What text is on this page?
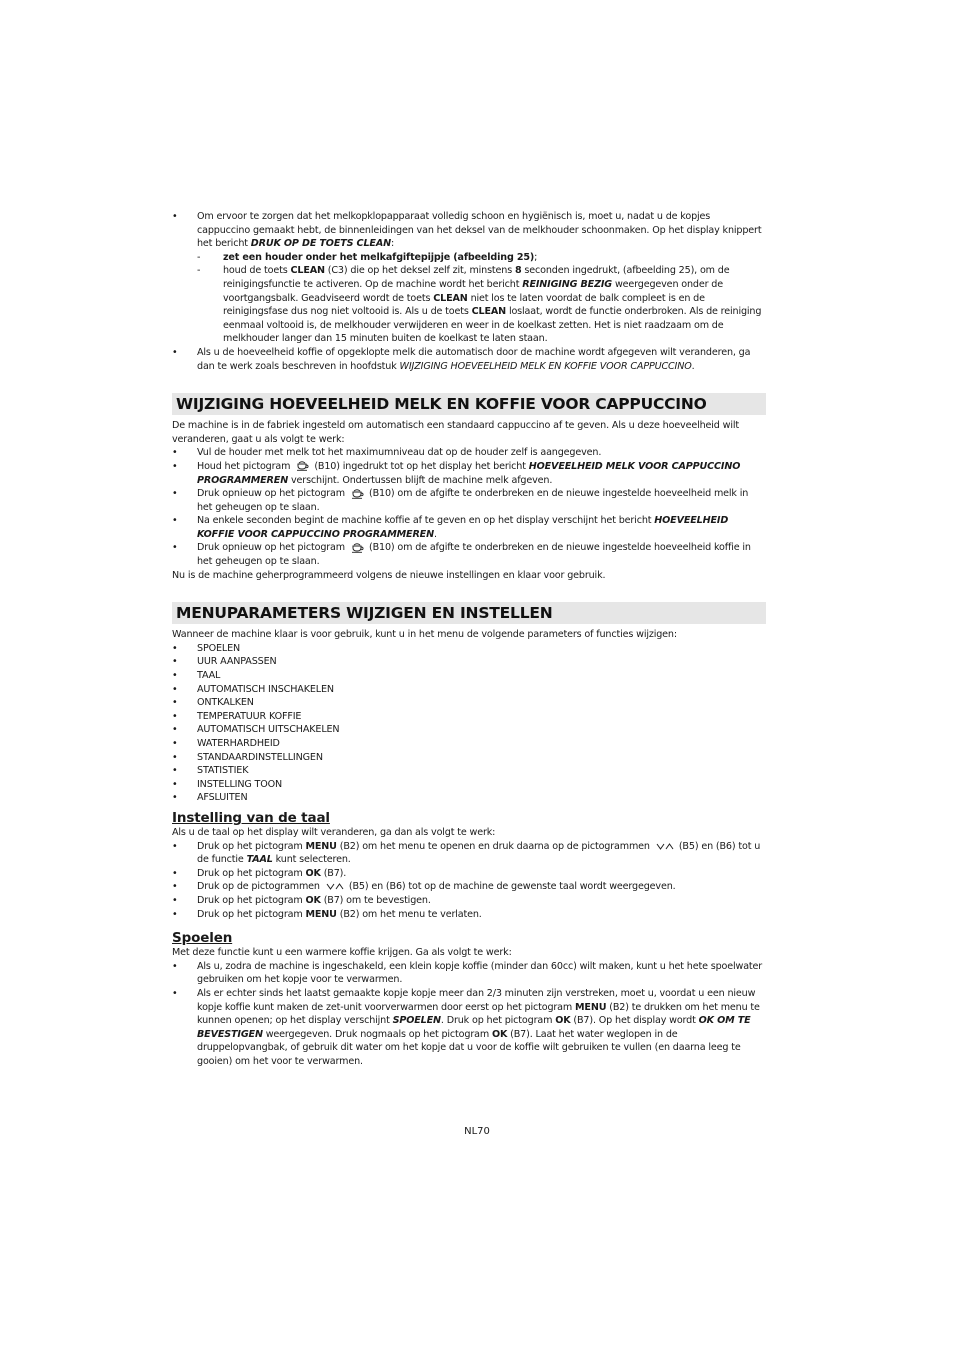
• Om ervoor te zorgen dat het melkopklopapparaat volledig schoon en hygiënisch is, moet u, nadat u de kopjes cappuccino gemaakt hebt, de binnenleidingen van het deksel van de melkhouder schoonmaken. Op het display knippert het bericht DRUK OP DE TOETS CLEAN:
- zet een houder onder het melkafgiftepijpje (afbeelding 25);
- houd de toets CLEAN (C3) die op het deksel zelf zit, minstens 8 seconden ingedrukt, (afbeelding 25), om de reinigingsfunctie te activeren. Op de machine wordt het bericht REINIGING BEZIG weergegeven onder de voortgangsbalk. Geadviseerd wordt de toets CLEAN niet los te laten voordat de balk compleet is en de reinigingsfase dus nog niet voltooid is. Als u de toets CLEAN loslaat, wordt de functie onderbroken. Als de reiniging eenmaal voltooid is, de melkhouder verwijderen en weer in de koelkast zetten. Het is niet raadzaam om de melkhouder langer dan 15 minuten buiten de koelkast te laten staan.
• Als u de hoeveelheid koffie of opgeklopte melk die automatisch door de machine wordt afgegeven wilt veranderen, ga dan te werk zoals beschreven in hoofdstuk WIJZIGING HOEVEELHEID MELK EN KOFFIE VOOR CAPPUCCINO.
WIJZIGING HOEVEELHEID MELK EN KOFFIE VOOR CAPPUCCINO

De machine is in de fabriek ingesteld om automatisch een standaard cappuccino af te geven. Als u deze hoeveelheid wilt veranderen, gaat u als volgt te werk:

• Vul de houder met melk tot het maximumniveau dat op de houder zelf is aangegeven.
• Houd het pictogram	(B10) ingedrukt tot op het display het bericht HOEVEELHEID MELK VOOR CAPPUCCINO PROGRAMMEREN verschijnt. Ondertussen blijft de machine melk afgeven.
• Druk opnieuw op het pictogram	(B10) om de afgifte te onderbreken en de nieuwe ingestelde hoeveelheid melk in het geheugen op te slaan.
• Na enkele seconden begint de machine koffie af te geven en op het display verschijnt het bericht HOEVEELHEID KOFFIE VOOR CAPPUCCINO PROGRAMMEREN.
• Druk opnieuw op het pictogram	(B10) om de afgifte te onderbreken en de nieuwe ingestelde hoeveelheid koffie in het geheugen op te slaan.

Nu is de machine geherprogrammeerd volgens de nieuwe instellingen en klaar voor gebruik.

MENUPARAMETERS WIJZIGEN EN INSTELLEN

Wanneer de machine klaar is voor gebruik, kunt u in het menu de volgende parameters of functies wijzigen:

• SPOELEN
• UUR AANPASSEN
• TAAL
• AUTOMATISCH INSCHAKELEN
• ONTKALKEN
• TEMPERATUUR KOFFIE
• AUTOMATISCH UITSCHAKELEN
• WATERHARDHEID
• STANDAARDINSTELLINGEN
• STATISTIEK
• INSTELLING TOON
• AFSLUITEN
Instelling van de taal

Als u de taal op het display wilt veranderen, ga dan als volgt te werk:

• Druk op het pictogram MENU (B2) om het menu te openen en druk daarna op de pictogrammen	(B5) en (B6) tot u de functie TAAL kunt selecteren.
• Druk op het pictogram OK (B7).
• Druk op de pictogrammen	(B5) en (B6) tot op de machine de gewenste taal wordt weergegeven.
• Druk op het pictogram OK (B7) om te bevestigen.
• Druk op het pictogram MENU (B2) om het menu te verlaten.
Spoelen

Met deze functie kunt u een warmere koffie krijgen. Ga als volgt te werk:

• Als u, zodra de machine is ingeschakeld, een klein kopje koffie (minder dan 60cc) wilt maken, kunt u het hete spoelwater gebruiken om het kopje voor te verwarmen.
• Als er echter sinds het laatst gemaakte kopje kopje meer dan 2/3 minuten zijn verstreken, moet u, voordat u een nieuw kopje koffie kunt maken de zet-unit voorverwarmen door eerst op het pictogram MENU (B2) te drukken om het menu te kunnen openen; op het display verschijnt SPOELEN. Druk op het pictogram OK (B7). Op het display wordt OK OM TE BEVESTIGEN weergegeven. Druk nogmaals op het pictogram OK (B7). Laat het water weglopen in de druppelopvangbak, of gebruik dit water om het kopje dat u voor de koffie wilt gebruiken te vullen (en daarna leeg te gooien) om het voor te verwarmen.
NL70
